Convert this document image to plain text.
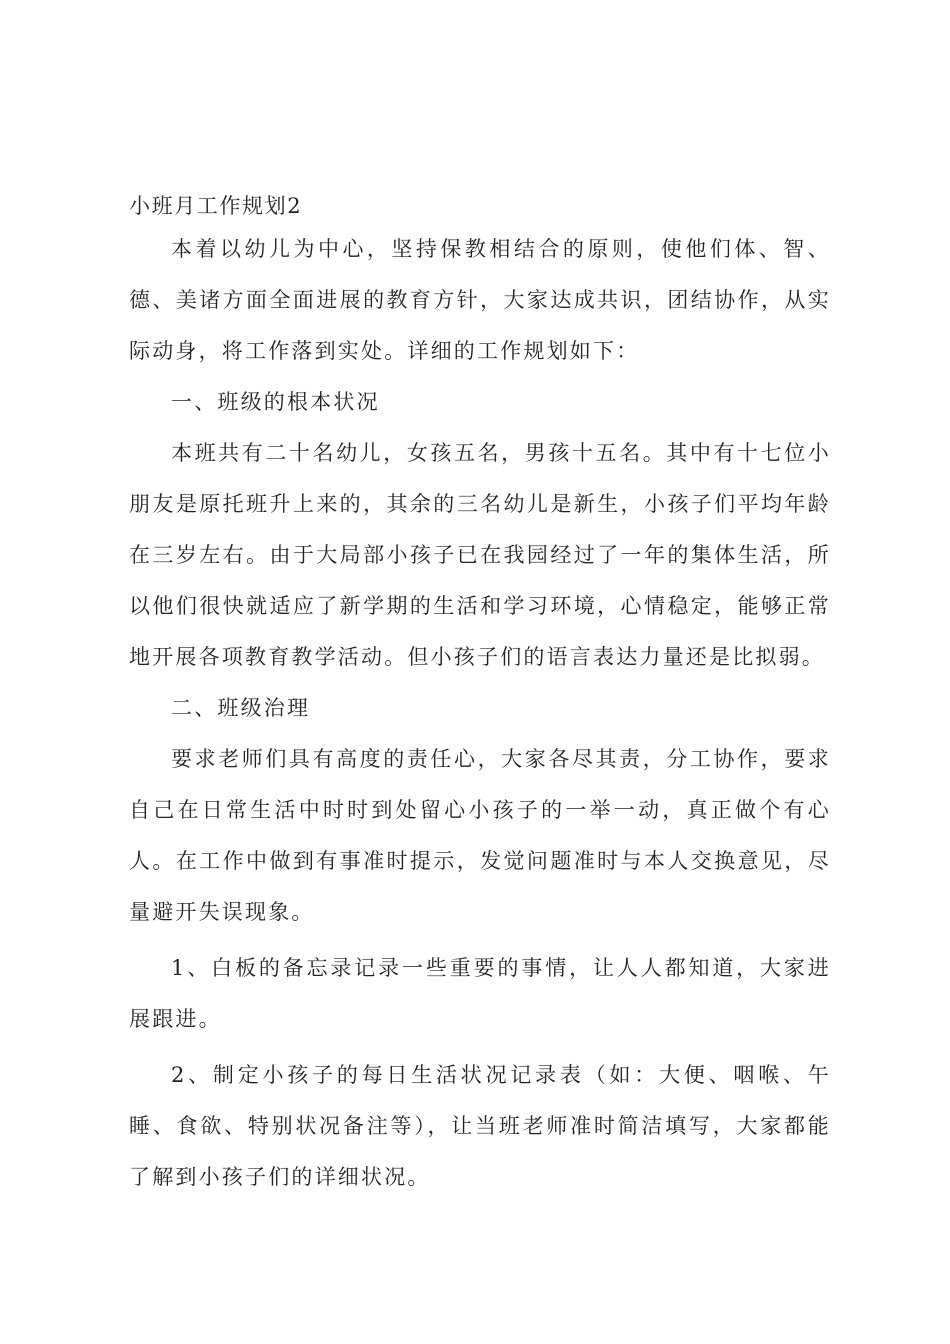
小班月工作规划2

本着以幼儿为中心，坚持保教相结合的原则，使他们体、智、德、美诸方面全面进展的教育方针，大家达成共识，团结协作，从实际动身，将工作落到实处。详细的工作规划如下：

一、班级的根本状况

本班共有二十名幼儿，女孩五名，男孩十五名。其中有十七位小朋友是原托班升上来的，其余的三名幼儿是新生，小孩子们平均年龄在三岁左右。由于大局部小孩子已在我园经过了一年的集体生活，所以他们很快就适应了新学期的生活和学习环境，心情稳定，能够正常地开展各项教育教学活动。但小孩子们的语言表达力量还是比拟弱。

二、班级治理

要求老师们具有高度的责任心，大家各尽其责，分工协作，要求自己在日常生活中时时到处留心小孩子的一举一动，真正做个有心人。在工作中做到有事准时提示，发觉问题准时与本人交换意见，尽量避开失误现象。

1、白板的备忘录记录一些重要的事情，让人人都知道，大家进展跟进。

2、制定小孩子的每日生活状况记录表（如：大便、咽喉、午睡、食欲、特别状况备注等），让当班老师准时简洁填写，大家都能了解到小孩子们的详细状况。
